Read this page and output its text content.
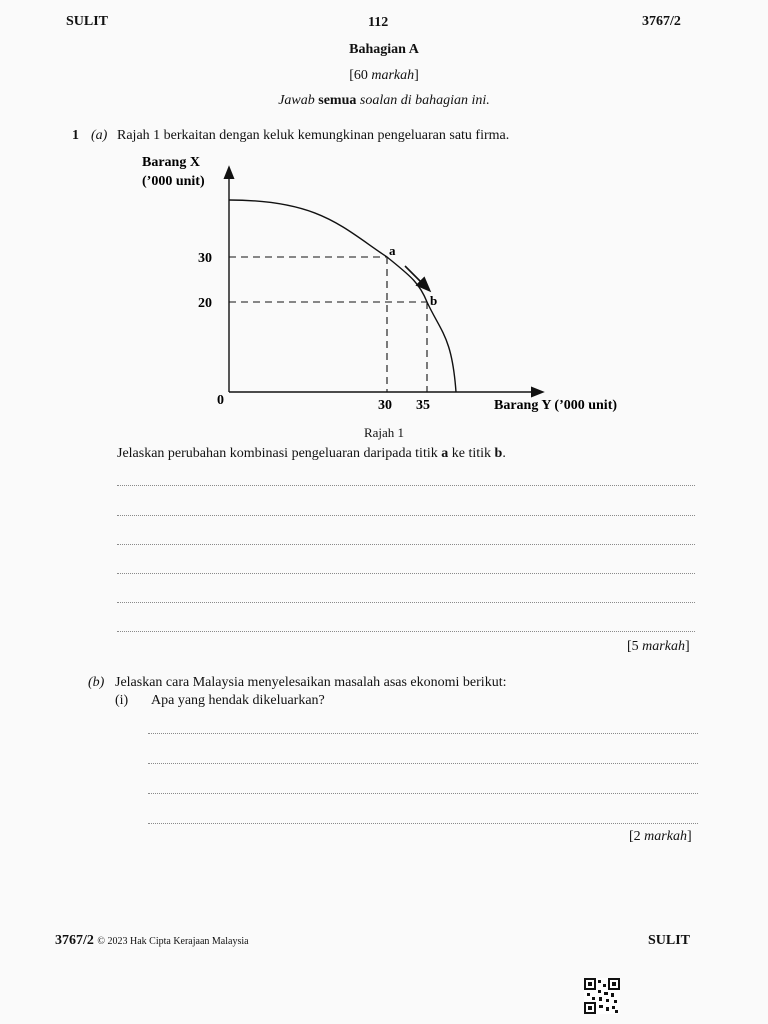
SULIT	112	3767/2
Bahagian A
[60 markah]
Jawab semua soalan di bahagian ini.
1 (a) Rajah 1 berkaitan dengan keluk kemungkinan pengeluaran satu firma.
a
b
Barang X
(’000 unit)
Barang Y (’000 unit)
30
20
0	30 35
Rajah 1
Jelaskan perubahan kombinasi pengeluaran daripada titik a ke titik b.
[5 markah]
(b) Jelaskan cara Malaysia menyelesaikan masalah asas ekonomi berikut:
(i) Apa yang hendak dikeluarkan?
[2 markah]
3767/2 © 2023 Hak Cipta Kerajaan Malaysia	SULIT
